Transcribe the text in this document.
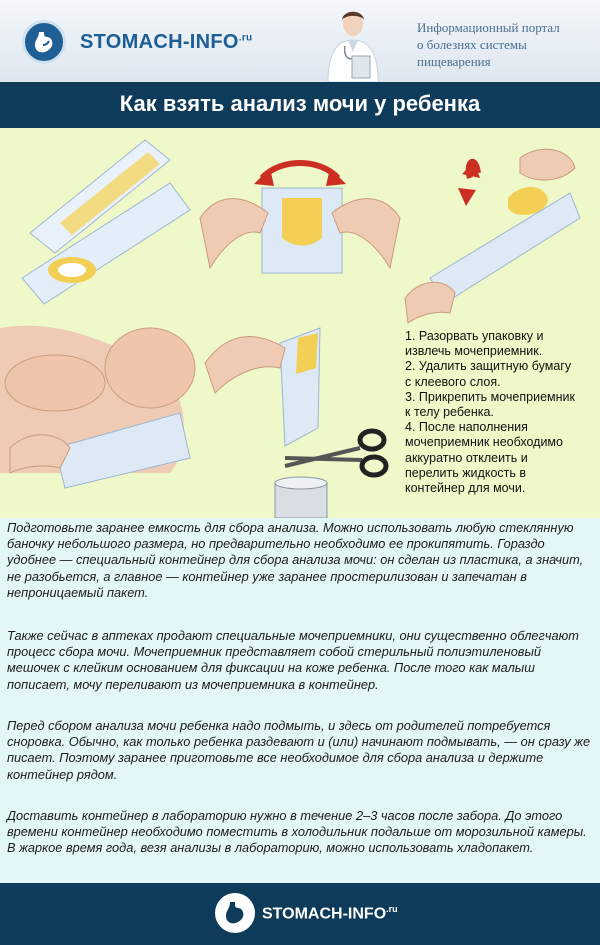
STOMACH-$INFO^{.ru}$
Информационный портал
о болезнях системы
пищеварения
Как взять анализ мочи у ребенка
1. Разорвать упаковку и
извлечь мочеприемник.
2. Удалить защитную бумагу
с клеевого слоя.
3. Прикрепить мочеприемник
к телу ребенка.
4. После наполнения
мочеприемник необходимо
аккуратно отклеить и
перелить жидкость в
контейнер для мочи.
Подготовьте заранее емкость для сбора анализа. Можно использовать любую стеклянную баночку небольшого размера, но предварительно необходимо ее прокипятить. Гораздо удобнее — специальный контейнер для сбора анализа мочи: он сделан из пластика, а значит, не разобьется, а главное — контейнер уже заранее простерилизован и запечатан в непроницаемый пакет.
Также сейчас в аптеках продают специальные мочеприемники, они существенно облегчают процесс сбора мочи. Мочеприемник представляет собой стерильный полиэтиленовый мешочек с клейким основанием для фиксации на коже ребенка. После того как малыш пописает, мочу переливают из мочеприемника в контейнер.
Перед сбором анализа мочи ребенка надо подмыть, и здесь от родителей потребуется сноровка. Обычно, как только ребенка раздевают и (или) начинают подмывать, — он сразу же писает. Поэтому заранее приготовьте все необходимое для сбора анализа и держите контейнер рядом.
Доставить контейнер в лабораторию нужно в течение 2–3 часов после забора. До этого времени контейнер необходимо поместить в холодильник подальше от морозильной камеры. В жаркое время года, везя анализы в лабораторию, можно использовать хладопакет.
STOMACH-$INFO^{.ru}$
